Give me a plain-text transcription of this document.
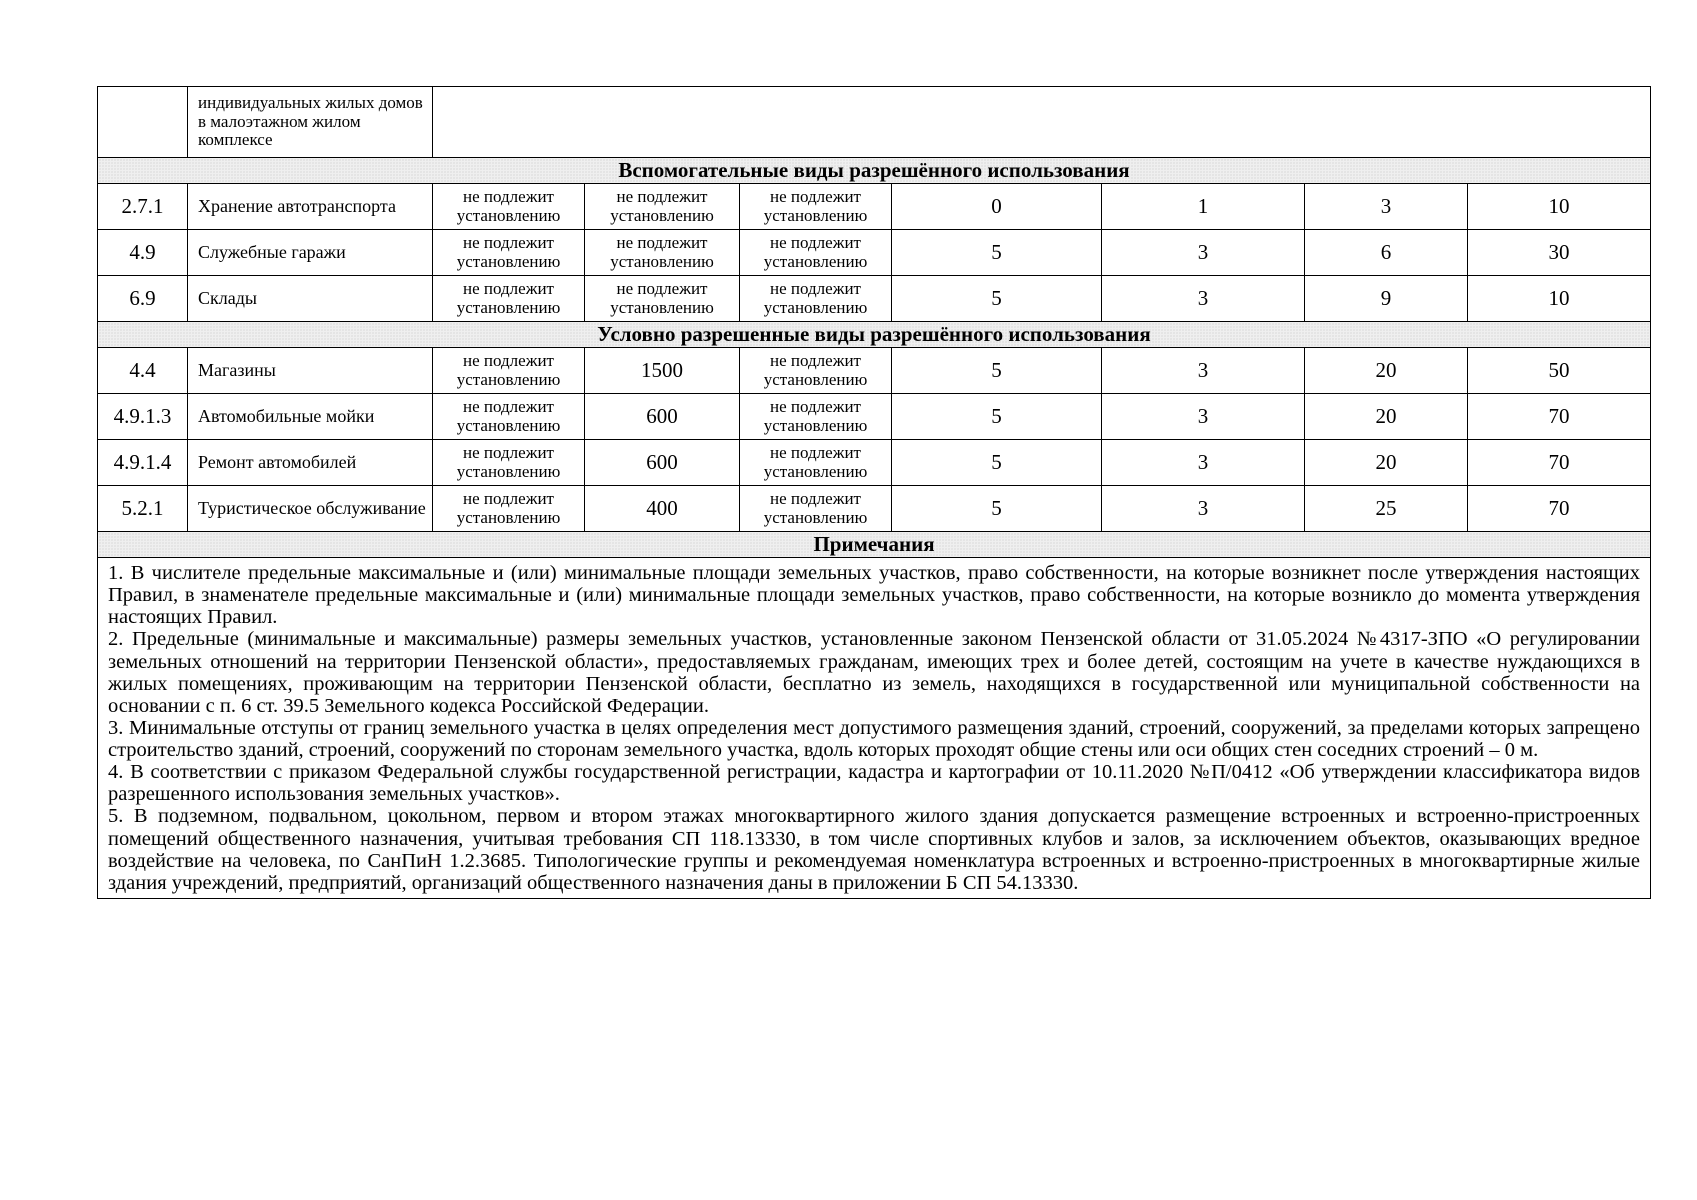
	индивидуальных жилых домов в малоэтажном жилом комплексе							
Вспомогательные виды разрешённого использования								
2.7.1	Хранение автотранспорта	не подлежит установлению	не подлежит установлению	не подлежит установлению	0	1	3	10
4.9	Служебные гаражи	не подлежит установлению	не подлежит установлению	не подлежит установлению	5	3	6	30
6.9	Склады	не подлежит установлению	не подлежит установлению	не подлежит установлению	5	3	9	10
Условно разрешенные виды разрешённого использования								
4.4	Магазины	не подлежит установлению	1500	не подлежит установлению	5	3	20	50
4.9.1.3	Автомобильные мойки	не подлежит установлению	600	не подлежит установлению	5	3	20	70
4.9.1.4	Ремонт автомобилей	не подлежит установлению	600	не подлежит установлению	5	3	20	70
5.2.1	Туристическое обслуживание	не подлежит установлению	400	не подлежит установлению	5	3	25	70
Примечания								

1. В числителе предельные максимальные и (или) минимальные площади земельных участков, право собственности, на которые возникнет после утверждения настоящих Правил, в знаменателе предельные максимальные и (или) минимальные площади земельных участков, право собственности, на которые возникло до момента утверждения настоящих Правил.

2. Предельные (минимальные и максимальные) размеры земельных участков, установленные законом Пензенской области от 31.05.2024 №4317-ЗПО «О регулировании земельных отношений на территории Пензенской области», предоставляемых гражданам, имеющих трех и более детей, состоящим на учете в качестве нуждающихся в жилых помещениях, проживающим на территории Пензенской области, бесплатно из земель, находящихся в государственной или муниципальной собственности на основании с п. 6 ст. 39.5 Земельного кодекса Российской Федерации.

3. Минимальные отступы от границ земельного участка в целях определения мест допустимого размещения зданий, строений, сооружений, за пределами которых запрещено строительство зданий, строений, сооружений по сторонам земельного участка, вдоль которых проходят общие стены или оси общих стен соседних строений – 0 м.

4. В соответствии с приказом Федеральной службы государственной регистрации, кадастра и картографии от 10.11.2020 №П/0412 «Об утверждении классификатора видов разрешенного использования земельных участков».

5. В подземном, подвальном, цокольном, первом и втором этажах многоквартирного жилого здания допускается размещение встроенных и встроенно-пристроенных помещений общественного назначения, учитывая требования СП 118.13330, в том числе спортивных клубов и залов, за исключением объектов, оказывающих вредное воздействие на человека, по СанПиН 1.2.3685. Типологические группы и рекомендуемая номенклатура встроенных и встроенно-пристроенных в многоквартирные жилые здания учреждений, предприятий, организаций общественного назначения даны в приложении Б СП 54.13330.								
